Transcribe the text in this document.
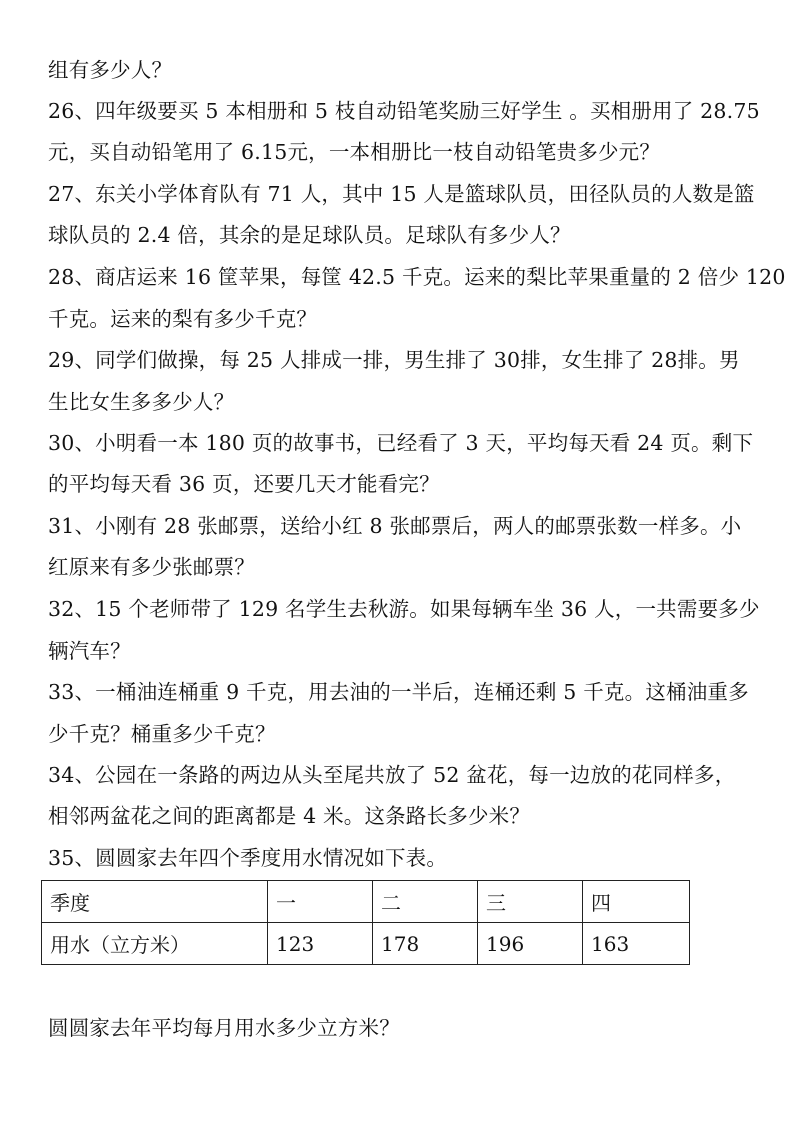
组有多少人？
26、四年级要买 5 本相册和 5 枝自动铅笔奖励三好学生 。买相册用了 28.75
元，买自动铅笔用了 6.15元，一本相册比一枝自动铅笔贵多少元？
27、东关小学体育队有 71 人，其中 15 人是篮球队员，田径队员的人数是篮
球队员的 2.4 倍，其余的是足球队员。足球队有多少人？
28、商店运来 16 筐苹果，每筐 42.5 千克。运来的梨比苹果重量的 2 倍少 120
千克。运来的梨有多少千克？
29、同学们做操，每 25 人排成一排，男生排了 30排，女生排了 28排。男
生比女生多多少人？
30、小明看一本 180 页的故事书，已经看了 3 天，平均每天看 24 页。剩下
的平均每天看 36 页，还要几天才能看完？
31、小刚有 28 张邮票，送给小红 8 张邮票后，两人的邮票张数一样多。小
红原来有多少张邮票？
32、15 个老师带了 129 名学生去秋游。如果每辆车坐 36 人，一共需要多少
辆汽车？
33、一桶油连桶重 9 千克，用去油的一半后，连桶还剩 5 千克。这桶油重多
少千克？桶重多少千克？
34、公园在一条路的两边从头至尾共放了 52 盆花，每一边放的花同样多，
相邻两盆花之间的距离都是 4 米。这条路长多少米？
35、圆圆家去年四个季度用水情况如下表。
季度	一	二	三	四
用水（立方米）	123	178	196	163
圆圆家去年平均每月用水多少立方米？
